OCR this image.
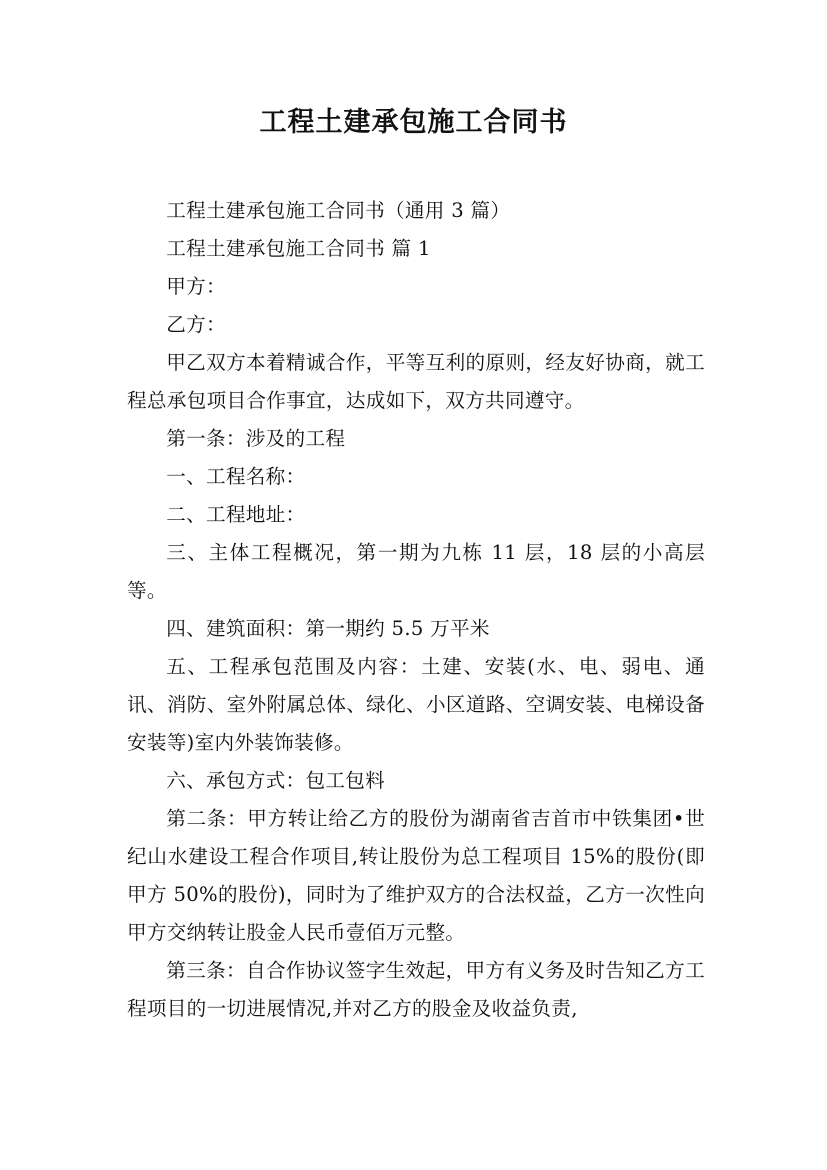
工程土建承包施工合同书

工程土建承包施工合同书（通用 3 篇）

工程土建承包施工合同书 篇 1

甲方：

乙方：

甲乙双方本着精诚合作，平等互利的原则，经友好协商，就工程总承包项目合作事宜，达成如下，双方共同遵守。

第一条：涉及的工程

一、工程名称：

二、工程地址：

三、主体工程概况，第一期为九栋 11 层，18 层的小高层等。

四、建筑面积：第一期约 5.5 万平米

五、工程承包范围及内容：土建、安装(水、电、弱电、通讯、消防、室外附属总体、绿化、小区道路、空调安装、电梯设备安装等)室内外装饰装修。

六、承包方式：包工包料

第二条：甲方转让给乙方的股份为湖南省吉首市中铁集团•世纪山水建设工程合作项目,转让股份为总工程项目 15%的股份(即甲方 50%的股份)，同时为了维护双方的合法权益，乙方一次性向甲方交纳转让股金人民币壹佰万元整。

第三条：自合作协议签字生效起，甲方有义务及时告知乙方工程项目的一切进展情况,并对乙方的股金及收益负责,
